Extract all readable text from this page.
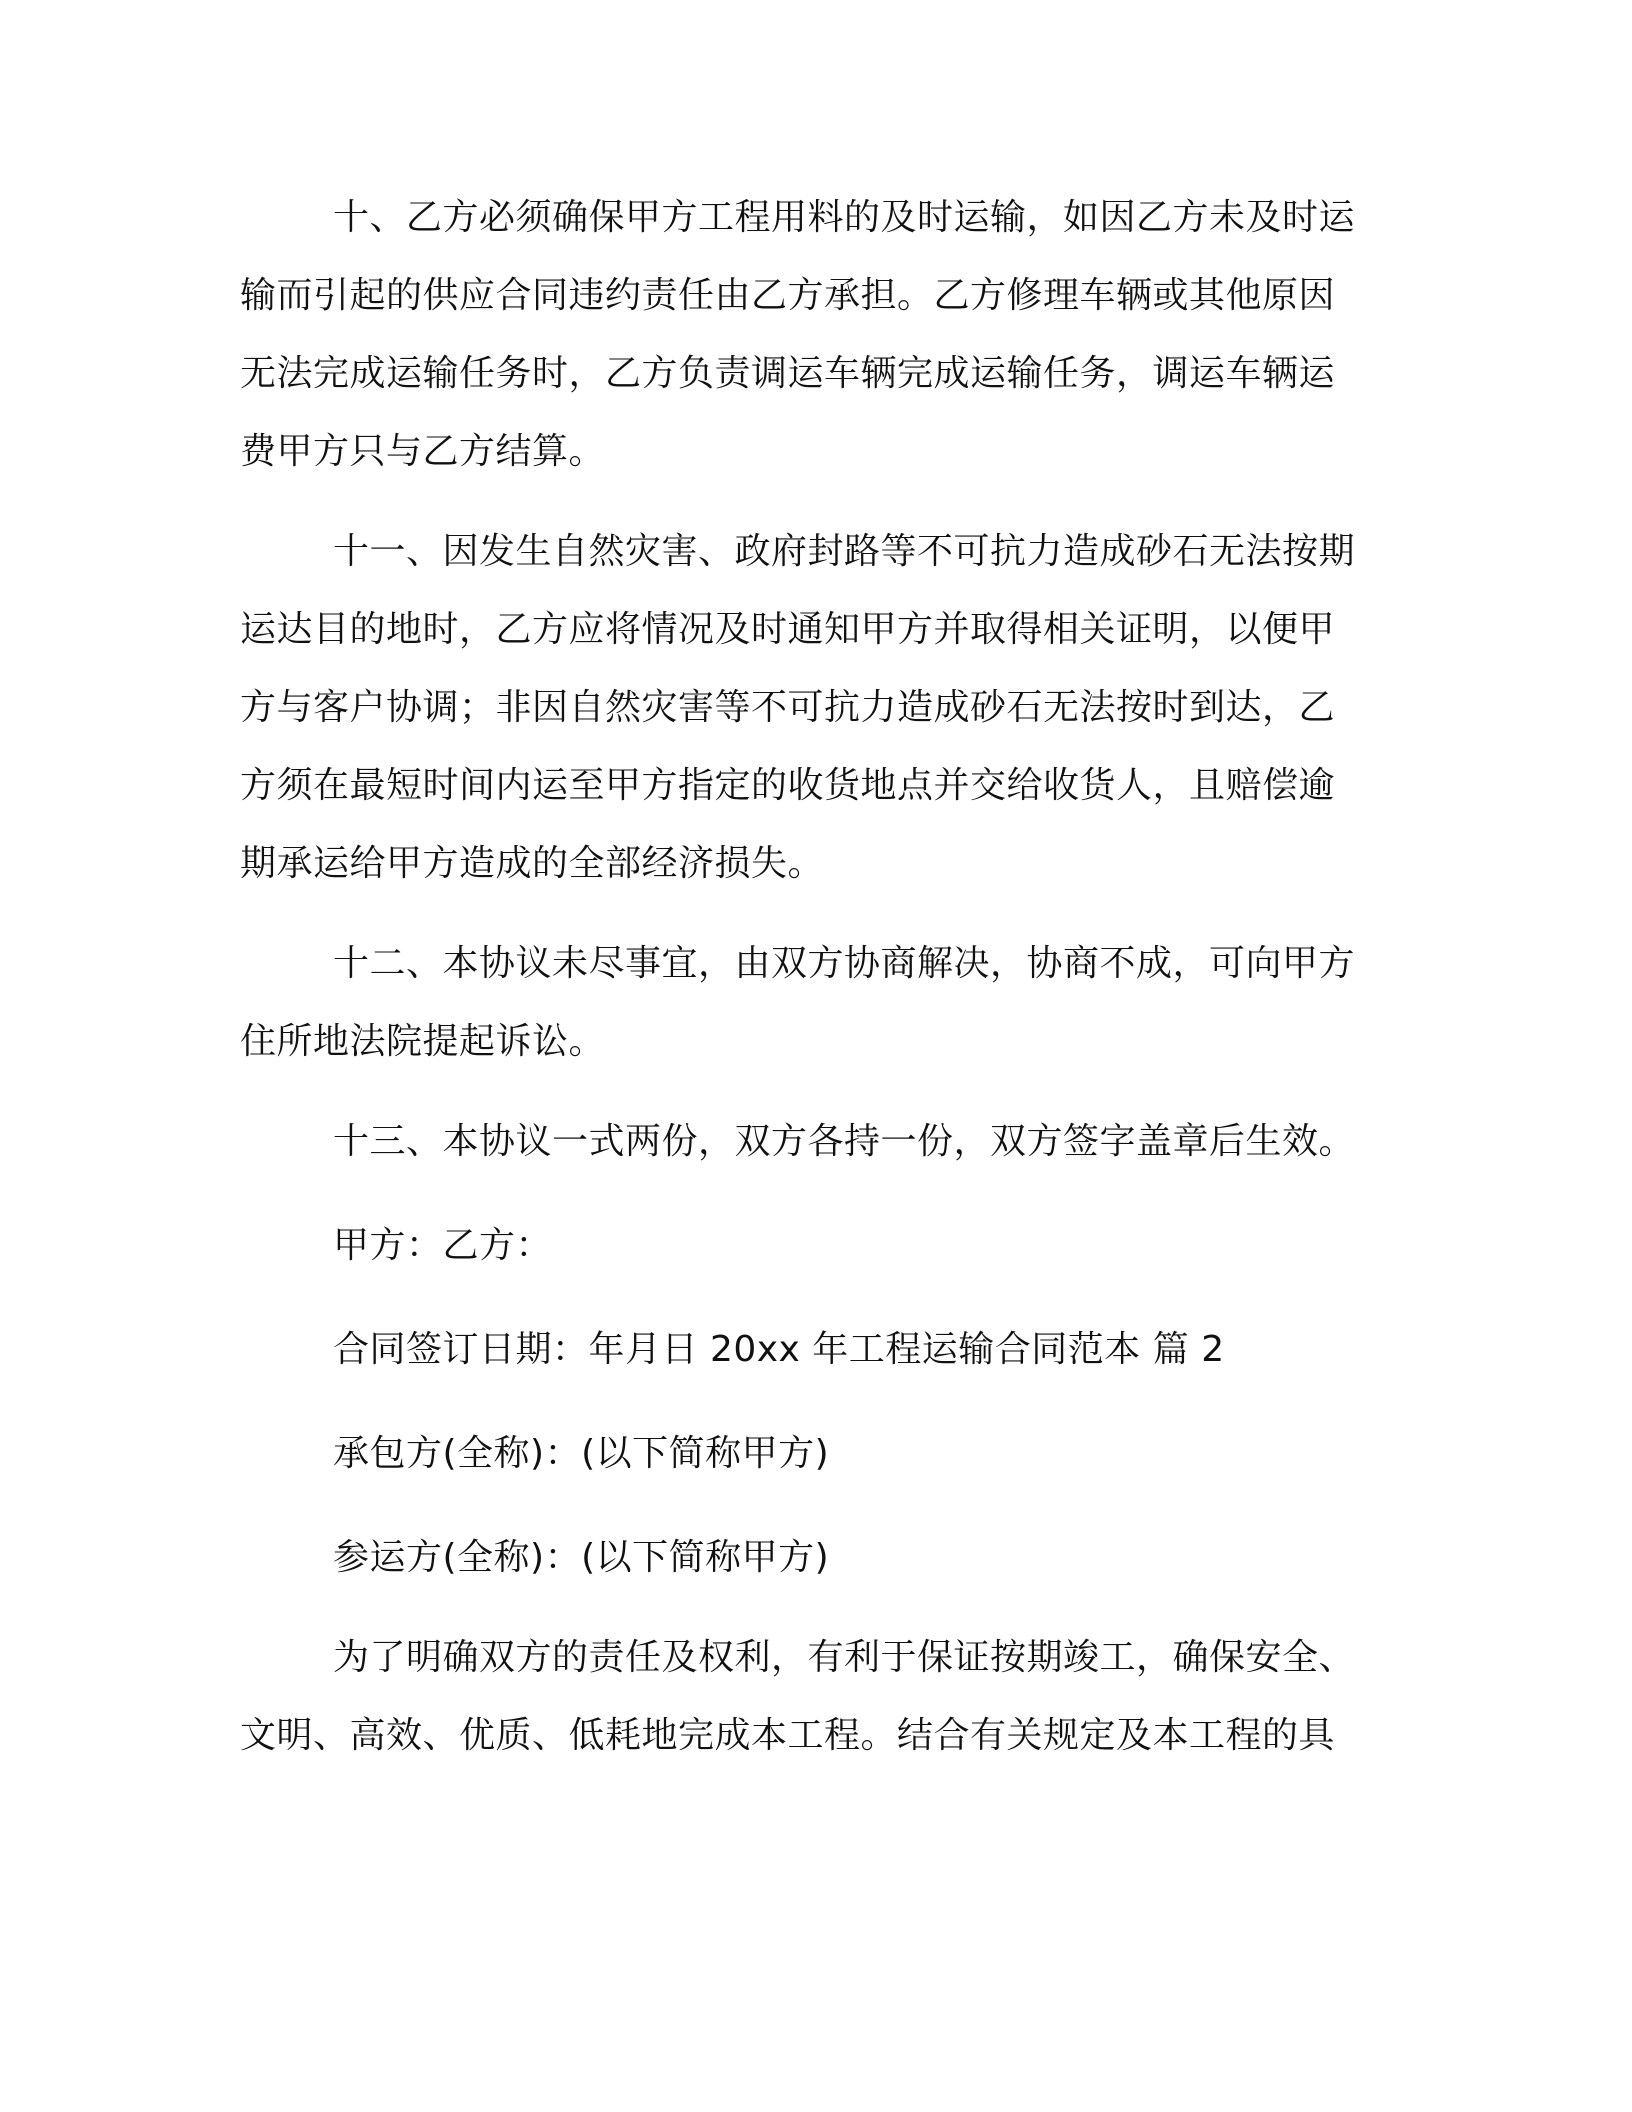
十、乙方必须确保甲方工程用料的及时运输，如因乙方未及时运
输而引起的供应合同违约责任由乙方承担。乙方修理车辆或其他原因
无法完成运输任务时，乙方负责调运车辆完成运输任务，调运车辆运
费甲方只与乙方结算。
十一、因发生自然灾害、政府封路等不可抗力造成砂石无法按期
运达目的地时，乙方应将情况及时通知甲方并取得相关证明，以便甲
方与客户协调；非因自然灾害等不可抗力造成砂石无法按时到达，乙
方须在最短时间内运至甲方指定的收货地点并交给收货人，且赔偿逾
期承运给甲方造成的全部经济损失。
十二、本协议未尽事宜，由双方协商解决，协商不成，可向甲方
住所地法院提起诉讼。
十三、本协议一式两份，双方各持一份，双方签字盖章后生效。
甲方：乙方：
合同签订日期：年月日 20xx 年工程运输合同范本 篇 2
承包方(全称)：(以下简称甲方)
参运方(全称)：(以下简称甲方)
为了明确双方的责任及权利，有利于保证按期竣工，确保安全、
文明、高效、优质、低耗地完成本工程。结合有关规定及本工程的具
